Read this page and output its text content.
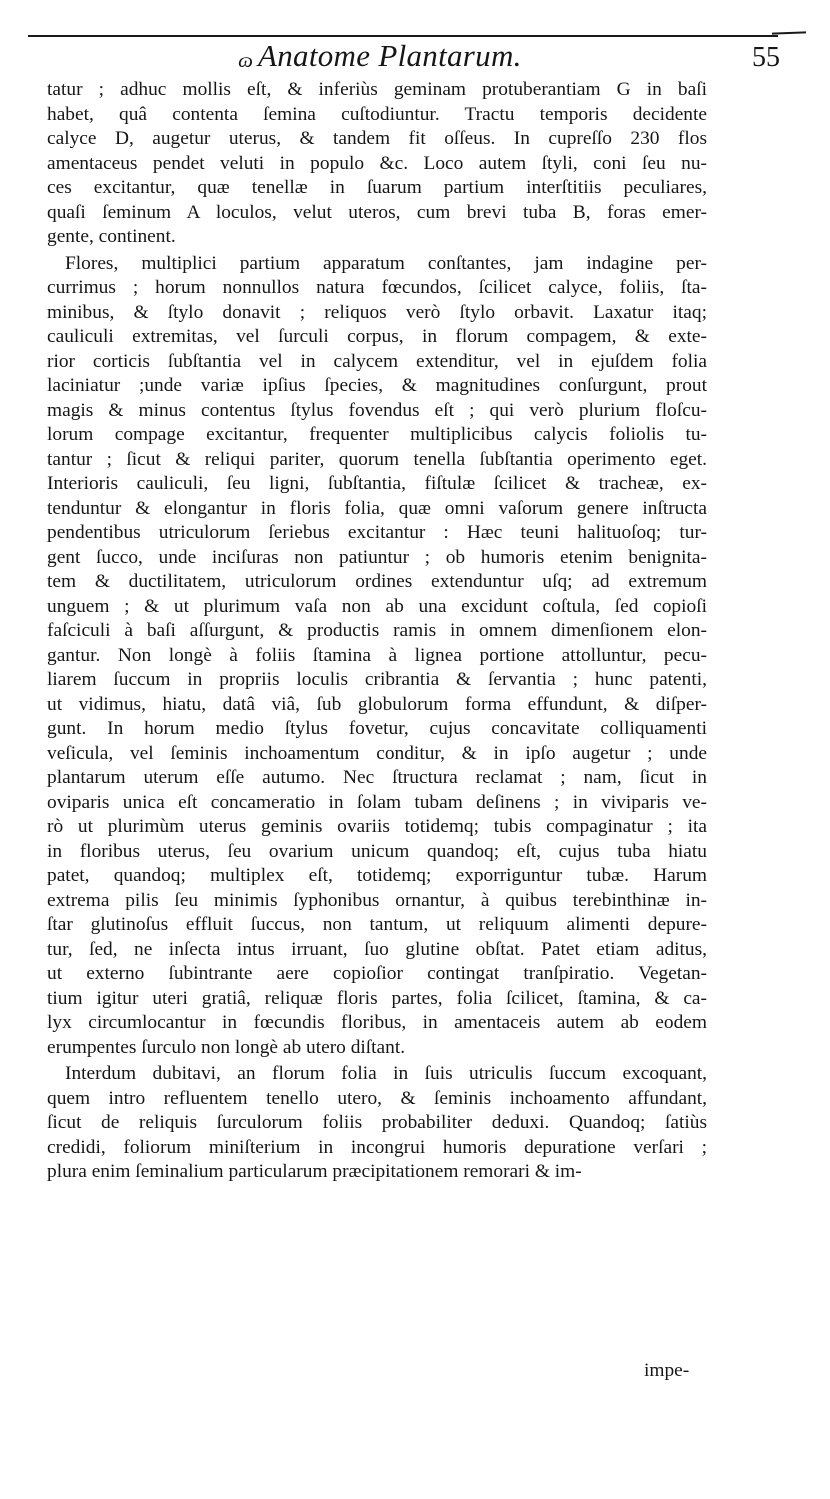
ɷ Anatome Plantarum.	55

tatur ; adhuc mollis eſt, & inferiùs geminam protuberantiam G in baſi
habet, quâ contenta ſemina cuſtodiuntur. Tractu temporis decidente
calyce D, augetur uterus, & tandem fit oſſeus. In cupreſſo 230 flos
amentaceus pendet veluti in populo &c. Loco autem ſtyli, coni ſeu nu-
ces excitantur, quæ tenellæ in ſuarum partium interſtitiis peculiares,
quaſi ſeminum A loculos, velut uteros, cum brevi tuba B, foras emer-
gente, continent.

Flores, multiplici partium apparatum conſtantes, jam indagine per-
currimus ; horum nonnullos natura fœcundos, ſcilicet calyce, foliis, ſta-
minibus, & ſtylo donavit ; reliquos verò ſtylo orbavit. Laxatur itaq;
cauliculi extremitas, vel ſurculi corpus, in florum compagem, & exte-
rior corticis ſubſtantia vel in calycem extenditur, vel in ejuſdem folia
laciniatur ;unde variæ ipſius ſpecies, & magnitudines conſurgunt, prout
magis & minus contentus ſtylus fovendus eſt ; qui verò plurium floſcu-
lorum compage excitantur, frequenter multiplicibus calycis foliolis tu-
tantur ; ſicut & reliqui pariter, quorum tenella ſubſtantia operimento eget.
Interioris cauliculi, ſeu ligni, ſubſtantia, fiſtulæ ſcilicet & tracheæ, ex-
tenduntur & elongantur in floris folia, quæ omni vaſorum genere inſtructa
pendentibus utriculorum ſeriebus excitantur : Hæc teuni halituoſoq; tur-
gent ſucco, unde inciſuras non patiuntur ; ob humoris etenim benignita-
tem & ductilitatem, utriculorum ordines extenduntur uſq; ad extremum
unguem ; & ut plurimum vaſa non ab una excidunt coſtula, ſed copioſi
faſciculi à baſi aſſurgunt, & productis ramis in omnem dimenſionem elon-
gantur. Non longè à foliis ſtamina à lignea portione attolluntur, pecu-
liarem ſuccum in propriis loculis cribrantia & ſervantia ; hunc patenti,
ut vidimus, hiatu, datâ viâ, ſub globulorum forma effundunt, & diſper-
gunt. In horum medio ſtylus fovetur, cujus concavitate colliquamenti
veſicula, vel ſeminis inchoamentum conditur, & in ipſo augetur ; unde
plantarum uterum eſſe autumo. Nec ſtructura reclamat ; nam, ſicut in
oviparis unica eſt concameratio in ſolam tubam deſinens ; in viviparis ve-
rò ut plurimùm uterus geminis ovariis totidemq; tubis compaginatur ; ita
in floribus uterus, ſeu ovarium unicum quandoq; eſt, cujus tuba hiatu
patet, quandoq; multiplex eſt, totidemq; exporriguntur tubæ. Harum
extrema pilis ſeu minimis ſyphonibus ornantur, à quibus terebinthinæ in-
ſtar glutinoſus effluit ſuccus, non tantum, ut reliquum alimenti depure-
tur, ſed, ne inſecta intus irruant, ſuo glutine obſtat. Patet etiam aditus,
ut externo ſubintrante aere copioſior contingat tranſpiratio. Vegetan-
tium igitur uteri gratiâ, reliquæ floris partes, folia ſcilicet, ſtamina, & ca-
lyx circumlocantur in fœcundis floribus, in amentaceis autem ab eodem
erumpentes ſurculo non longè ab utero diſtant.

Interdum dubitavi, an florum folia in ſuis utriculis ſuccum excoquant,
quem intro refluentem tenello utero, & ſeminis inchoamento affundant,
ſicut de reliquis ſurculorum foliis probabiliter deduxi. Quandoq; ſatiùs
credidi, foliorum miniſterium in incongrui humoris depuratione verſari ;
plura enim ſeminalium particularum præcipitationem remorari & im-

impe-
